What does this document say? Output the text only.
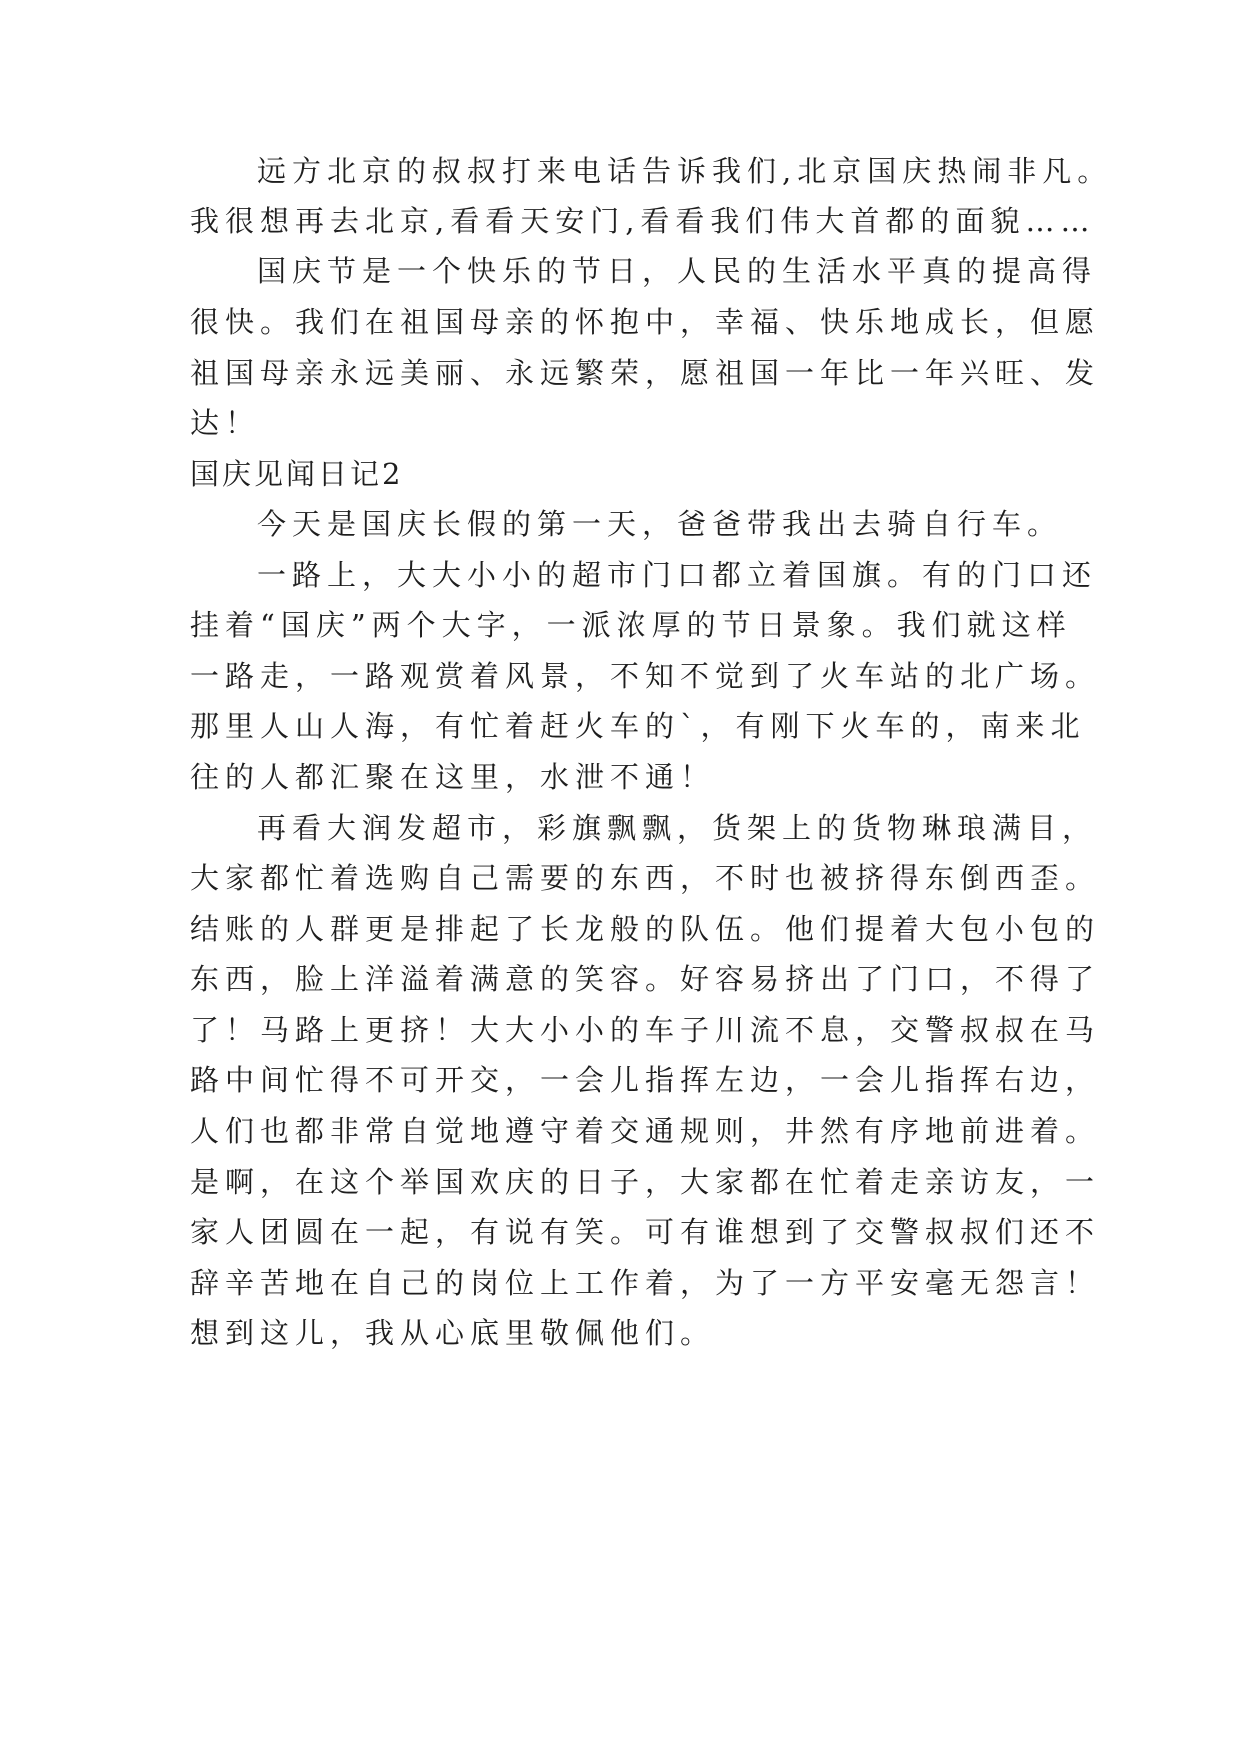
远方北京的叔叔打来电话告诉我们,北京国庆热闹非凡。

我很想再去北京,看看天安门,看看我们伟大首都的面貌……

国庆节是一个快乐的节日，人民的生活水平真的提高得

很快。我们在祖国母亲的怀抱中，幸福、快乐地成长，但愿

祖国母亲永远美丽、永远繁荣，愿祖国一年比一年兴旺、发

达！

国庆见闻日记2

今天是国庆长假的第一天，爸爸带我出去骑自行车。

一路上，大大小小的超市门口都立着国旗。有的门口还

挂着“国庆”两个大字，一派浓厚的节日景象。我们就这样

一路走，一路观赏着风景，不知不觉到了火车站的北广场。

那里人山人海，有忙着赶火车的`，有刚下火车的，南来北

往的人都汇聚在这里，水泄不通！

再看大润发超市，彩旗飘飘，货架上的货物琳琅满目，

大家都忙着选购自己需要的东西，不时也被挤得东倒西歪。

结账的人群更是排起了长龙般的队伍。他们提着大包小包的

东西，脸上洋溢着满意的笑容。好容易挤出了门口，不得了

了！马路上更挤！大大小小的车子川流不息，交警叔叔在马

路中间忙得不可开交，一会儿指挥左边，一会儿指挥右边，

人们也都非常自觉地遵守着交通规则，井然有序地前进着。

是啊，在这个举国欢庆的日子，大家都在忙着走亲访友，一

家人团圆在一起，有说有笑。可有谁想到了交警叔叔们还不

辞辛苦地在自己的岗位上工作着，为了一方平安毫无怨言！

想到这儿，我从心底里敬佩他们。
